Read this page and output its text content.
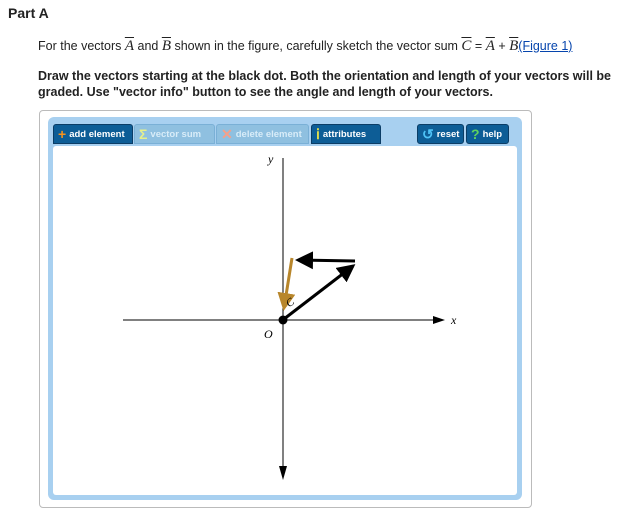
Part A
For the vectors $\overline{A}$ and $\overline{B}$ shown in the figure, carefully sketch the vector sum $\overline{C} = \overline{A}$ + $\overline{B}(Figure$ 1)
Draw the vectors starting at the black dot. Both the orientation and length of your vectors will be graded. Use "vector info" button to see the angle and length of your vectors.
+ add element Σ vector sum ✕ delete element ⅰ attributes	↺ reset ? help
x
y
O
C
